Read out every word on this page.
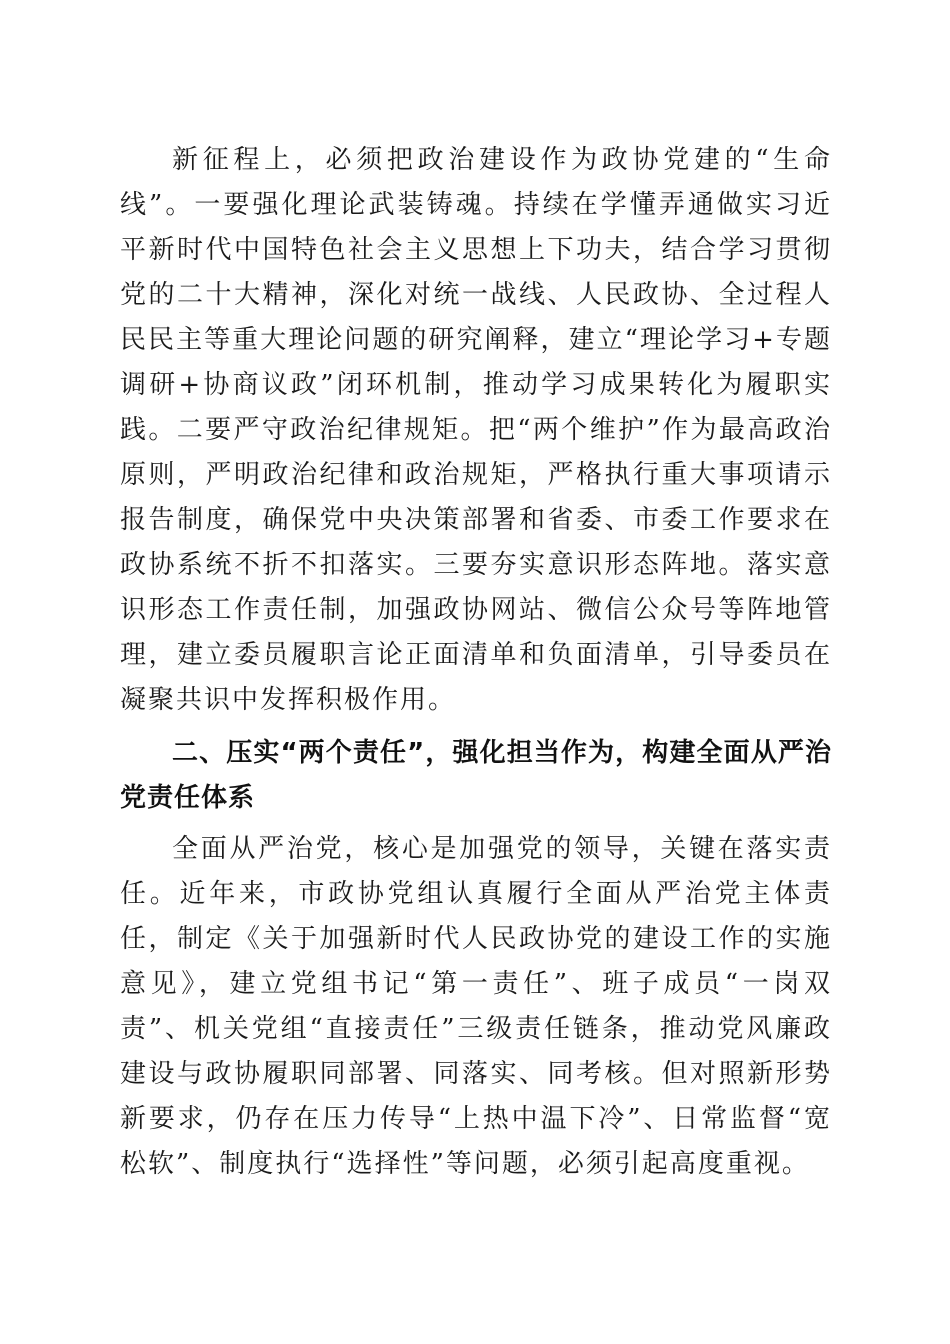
新征程上，必须把政治建设作为政协党建的“生命线”。一要强化理论武装铸魂。持续在学懂弄通做实习近平新时代中国特色社会主义思想上下功夫，结合学习贯彻党的二十大精神，深化对统一战线、人民政协、全过程人民民主等重大理论问题的研究阐释，建立“理论学习+专题调研+协商议政”闭环机制，推动学习成果转化为履职实践。二要严守政治纪律规矩。把“两个维护”作为最高政治原则，严明政治纪律和政治规矩，严格执行重大事项请示报告制度，确保党中央决策部署和省委、市委工作要求在政协系统不折不扣落实。三要夯实意识形态阵地。落实意识形态工作责任制，加强政协网站、微信公众号等阵地管理，建立委员履职言论正面清单和负面清单，引导委员在凝聚共识中发挥积极作用。

二、压实“两个责任”，强化担当作为，构建全面从严治党责任体系

全面从严治党，核心是加强党的领导，关键在落实责任。近年来，市政协党组认真履行全面从严治党主体责任，制定《关于加强新时代人民政协党的建设工作的实施意见》，建立党组书记“第一责任”、班子成员“一岗双责”、机关党组“直接责任”三级责任链条，推动党风廉政建设与政协履职同部署、同落实、同考核。但对照新形势新要求，仍存在压力传导“上热中温下冷”、日常监督“宽松软”、制度执行“选择性”等问题，必须引起高度重视。
